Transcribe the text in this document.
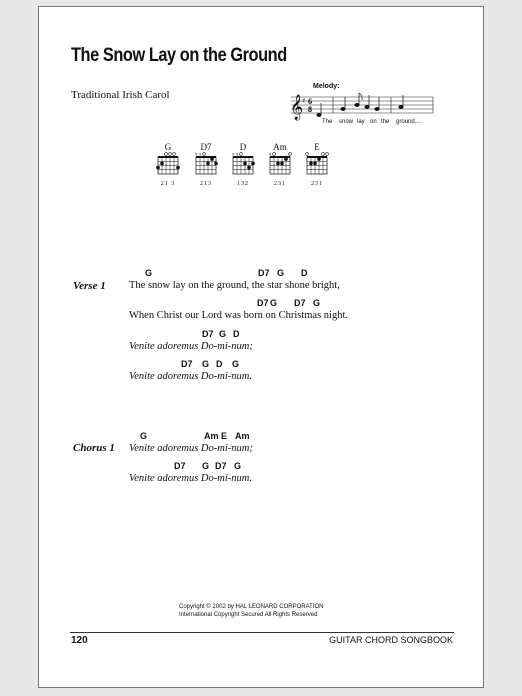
The Snow Lay on the Ground
Traditional Irish Carol
Melody:
𝄞
♯ 6
8
The snow lay on the ground,...
G
21 3
D7
x x
213
D
x x
132
Am
x
231
E
231
Verse 1
G	D7 G D
The snow lay on the ground, the star shone bright,
D7 G D7 G
When Christ our Lord was born on Christmas night.
D7 G D
Venite adoremus Do-mi-num;
D7 G D G
Venite adoremus Do-mi-num.
Chorus 1
G	Am E Am
Venite adoremus Do-mi-num;
D7 G D7 G
Venite adoremus Do-mi-num.
Copyright © 2002 by HAL LEONARD CORPORATION
International Copyright Secured All Rights Reserved
120	GUITAR CHORD SONGBOOK
